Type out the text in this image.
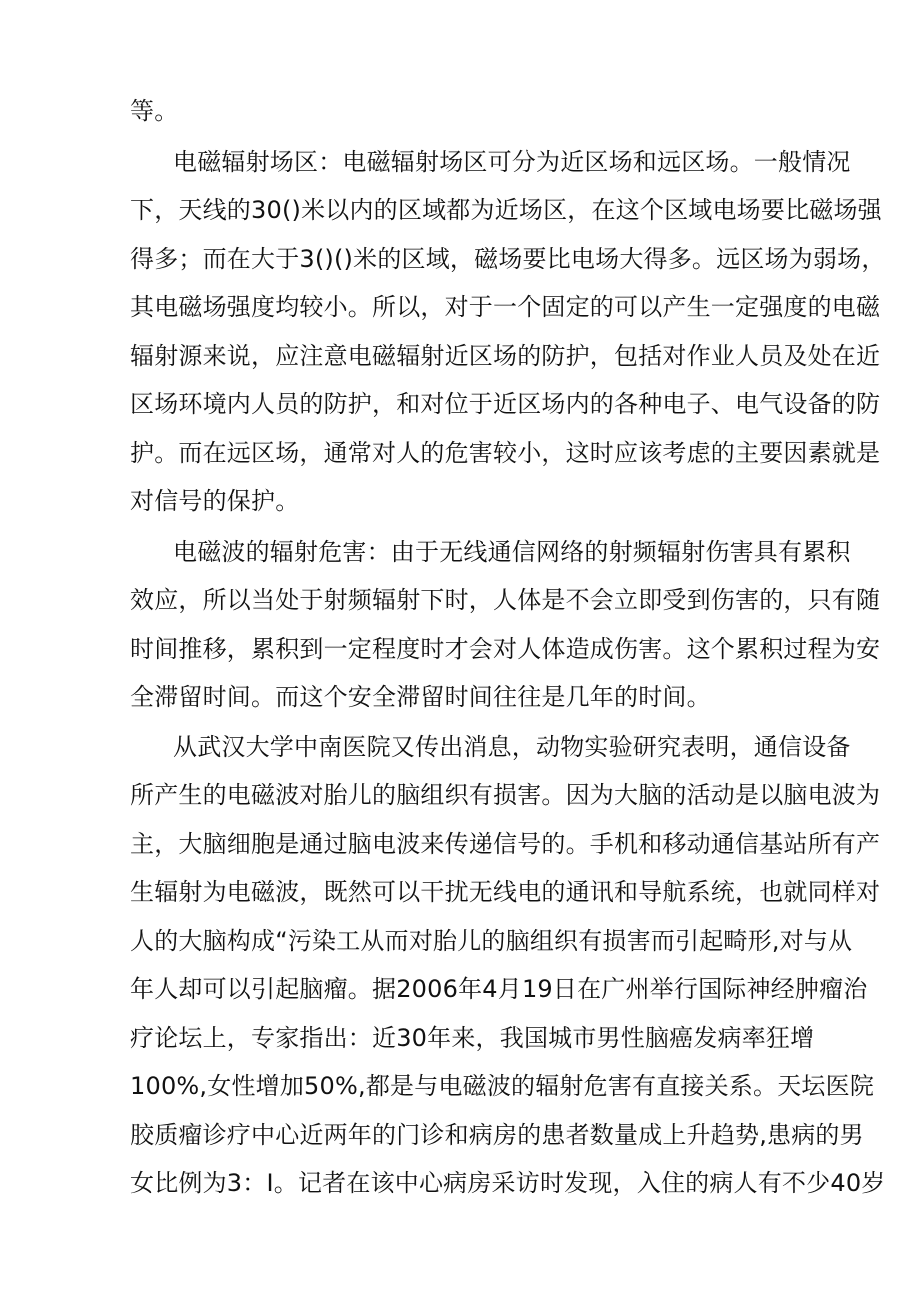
等。
电磁辐射场区：电磁辐射场区可分为近区场和远区场。一般情况
下，天线的30()米以内的区域都为近场区，在这个区域电场要比磁场强
得多；而在大于3()()米的区域，磁场要比电场大得多。远区场为弱场，
其电磁场强度均较小。所以，对于一个固定的可以产生一定强度的电磁
辐射源来说，应注意电磁辐射近区场的防护，包括对作业人员及处在近
区场环境内人员的防护，和对位于近区场内的各种电子、电气设备的防
护。而在远区场，通常对人的危害较小，这时应该考虑的主要因素就是
对信号的保护。
电磁波的辐射危害：由于无线通信网络的射频辐射伤害具有累积
效应，所以当处于射频辐射下时，人体是不会立即受到伤害的，只有随
时间推移，累积到一定程度时才会对人体造成伤害。这个累积过程为安
全滞留时间。而这个安全滞留时间往往是几年的时间。
从武汉大学中南医院又传出消息，动物实验研究表明，通信设备
所产生的电磁波对胎儿的脑组织有损害。因为大脑的活动是以脑电波为
主，大脑细胞是通过脑电波来传递信号的。手机和移动通信基站所有产
生辐射为电磁波，既然可以干扰无线电的通讯和导航系统，也就同样对
人的大脑构成“污染工从而对胎儿的脑组织有损害而引起畸形,对与从
年人却可以引起脑瘤。据2006年4月19日在广州举行国际神经肿瘤治
疗论坛上，专家指出：近30年来，我国城市男性脑癌发病率狂增
100%,女性增加50%,都是与电磁波的辐射危害有直接关系。天坛医院
胶质瘤诊疗中心近两年的门诊和病房的患者数量成上升趋势,患病的男
女比例为3：I。记者在该中心病房采访时发现，入住的病人有不少40岁
